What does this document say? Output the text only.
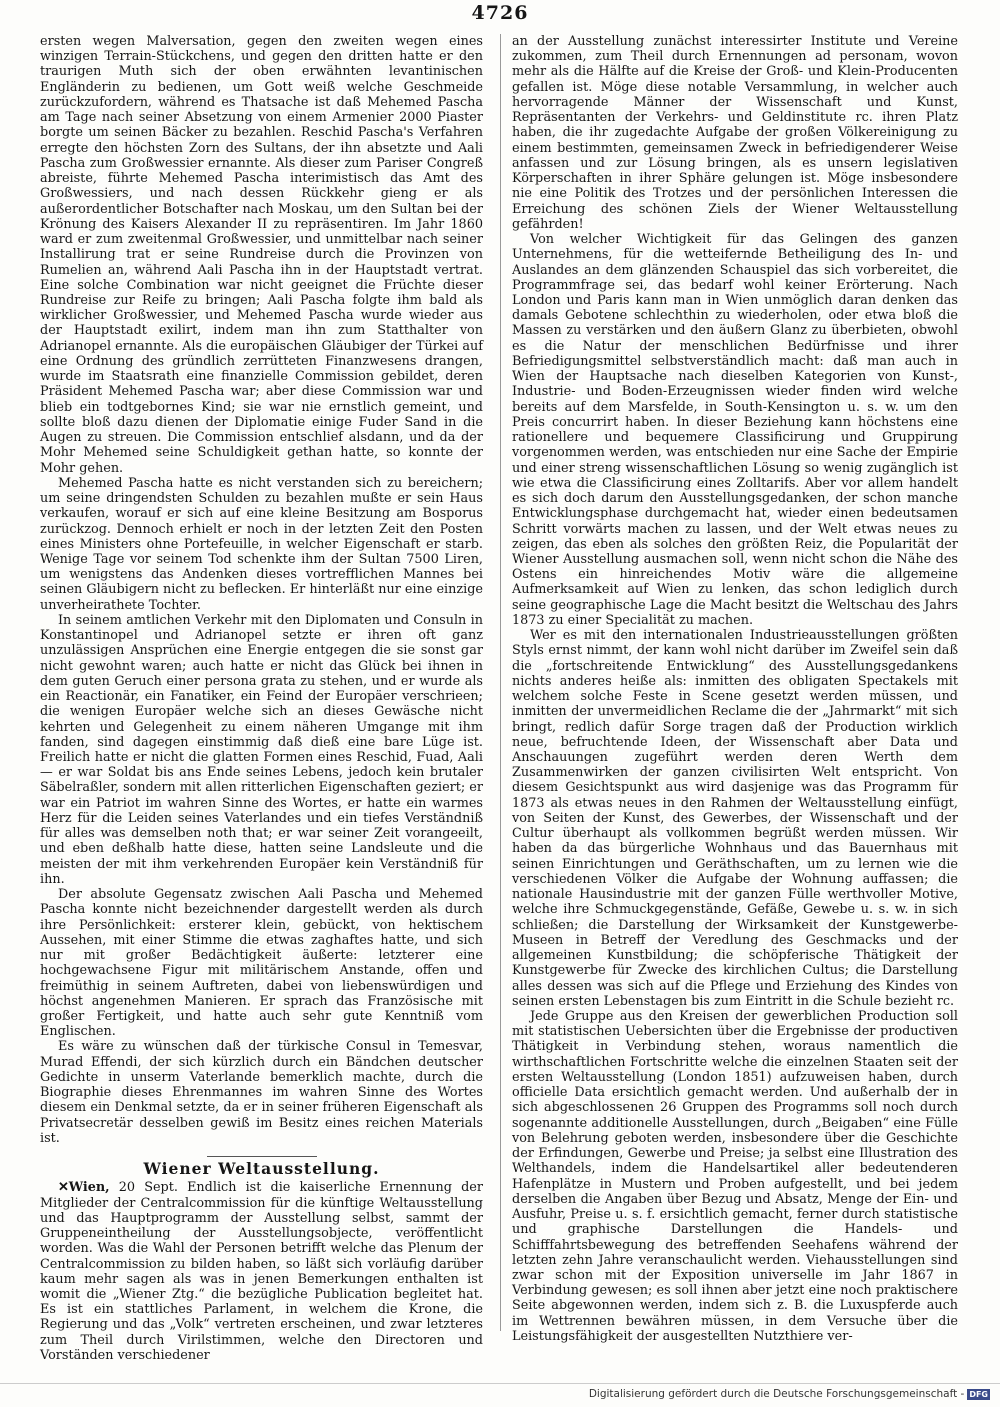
4726

ersten wegen Malversation, gegen den zweiten wegen eines winzigen Terrain-Stückchens, und gegen den dritten hatte er den traurigen Muth sich der oben erwähnten levantinischen Engländerin zu bedienen, um Gott weiß welche Geschmeide zurückzufordern, während es Thatsache ist daß Mehemed Pascha am Tage nach seiner Absetzung von einem Armenier 2000 Piaster borgte um seinen Bäcker zu bezahlen. Reschid Pascha's Verfahren erregte den höchsten Zorn des Sultans, der ihn absetzte und Aali Pascha zum Großwessier ernannte. Als dieser zum Pariser Congreß abreiste, führte Mehemed Pascha interimistisch das Amt des Großwessiers, und nach dessen Rückkehr gieng er als außerordentlicher Botschafter nach Moskau, um den Sultan bei der Krönung des Kaisers Alexander II zu repräsentiren. Im Jahr 1860 ward er zum zweitenmal Großwessier, und unmittelbar nach seiner Installirung trat er seine Rundreise durch die Provinzen von Rumelien an, während Aali Pascha ihn in der Hauptstadt vertrat. Eine solche Combination war nicht geeignet die Früchte dieser Rundreise zur Reife zu bringen; Aali Pascha folgte ihm bald als wirklicher Großwessier, und Mehemed Pascha wurde wieder aus der Hauptstadt exilirt, indem man ihn zum Statthalter von Adrianopel ernannte. Als die europäischen Gläubiger der Türkei auf eine Ordnung des gründlich zerrütteten Finanzwesens drangen, wurde im Staatsrath eine finanzielle Commission gebildet, deren Präsident Mehemed Pascha war; aber diese Commission war und blieb ein todtgebornes Kind; sie war nie ernstlich gemeint, und sollte bloß dazu dienen der Diplomatie einige Fuder Sand in die Augen zu streuen. Die Commission entschlief alsdann, und da der Mohr Mehemed seine Schuldigkeit gethan hatte, so konnte der Mohr gehen.

Mehemed Pascha hatte es nicht verstanden sich zu bereichern; um seine dringendsten Schulden zu bezahlen mußte er sein Haus verkaufen, worauf er sich auf eine kleine Besitzung am Bosporus zurückzog. Dennoch erhielt er noch in der letzten Zeit den Posten eines Ministers ohne Portefeuille, in welcher Eigenschaft er starb. Wenige Tage vor seinem Tod schenkte ihm der Sultan 7500 Liren, um wenigstens das Andenken dieses vortrefflichen Mannes bei seinen Gläubigern nicht zu beflecken. Er hinterläßt nur eine einzige unverheirathete Tochter.

In seinem amtlichen Verkehr mit den Diplomaten und Consuln in Konstantinopel und Adrianopel setzte er ihren oft ganz unzulässigen Ansprüchen eine Energie entgegen die sie sonst gar nicht gewohnt waren; auch hatte er nicht das Glück bei ihnen in dem guten Geruch einer persona grata zu stehen, und er wurde als ein Reactionär, ein Fanatiker, ein Feind der Europäer verschrieen; die wenigen Europäer welche sich an dieses Gewäsche nicht kehrten und Gelegenheit zu einem näheren Umgange mit ihm fanden, sind dagegen einstimmig daß dieß eine bare Lüge ist. Freilich hatte er nicht die glatten Formen eines Reschid, Fuad, Aali — er war Soldat bis ans Ende seines Lebens, jedoch kein brutaler Säbelraßler, sondern mit allen ritterlichen Eigenschaften geziert; er war ein Patriot im wahren Sinne des Wortes, er hatte ein warmes Herz für die Leiden seines Vaterlandes und ein tiefes Verständniß für alles was demselben noth that; er war seiner Zeit vorangeeilt, und eben deßhalb hatte diese, hatten seine Landsleute und die meisten der mit ihm verkehrenden Europäer kein Verständniß für ihn.

Der absolute Gegensatz zwischen Aali Pascha und Mehemed Pascha konnte nicht bezeichnender dargestellt werden als durch ihre Persönlichkeit: ersterer klein, gebückt, von hektischem Aussehen, mit einer Stimme die etwas zaghaftes hatte, und sich nur mit großer Bedächtigkeit äußerte: letzterer eine hochgewachsene Figur mit militärischem Anstande, offen und freimüthig in seinem Auftreten, dabei von liebenswürdigen und höchst angenehmen Manieren. Er sprach das Französische mit großer Fertigkeit, und hatte auch sehr gute Kenntniß vom Englischen.

Es wäre zu wünschen daß der türkische Consul in Temesvar, Murad Effendi, der sich kürzlich durch ein Bändchen deutscher Gedichte in unserm Vaterlande bemerklich machte, durch die Biographie dieses Ehrenmannes im wahren Sinne des Wortes diesem ein Denkmal setzte, da er in seiner früheren Eigenschaft als Privatsecretär desselben gewiß im Besitz eines reichen Materials ist.

Wiener Weltausstellung.

✕Wien, 20 Sept. Endlich ist die kaiserliche Ernennung der Mitglieder der Centralcommission für die künftige Weltausstellung und das Hauptprogramm der Ausstellung selbst, sammt der Gruppeneintheilung der Ausstellungsobjecte, veröffentlicht worden. Was die Wahl der Personen betrifft welche das Plenum der Centralcommission zu bilden haben, so läßt sich vorläufig darüber kaum mehr sagen als was in jenen Bemerkungen enthalten ist womit die „Wiener Ztg.“ die bezügliche Publication begleitet hat. Es ist ein stattliches Parlament, in welchem die Krone, die Regierung und das „Volk“ vertreten erscheinen, und zwar letzteres zum Theil durch Virilstimmen, welche den Directoren und Vorständen verschiedener

an der Ausstellung zunächst interessirter Institute und Vereine zukommen, zum Theil durch Ernennungen ad personam, wovon mehr als die Hälfte auf die Kreise der Groß- und Klein-Producenten gefallen ist. Möge diese notable Versammlung, in welcher auch hervorragende Männer der Wissenschaft und Kunst, Repräsentanten der Verkehrs- und Geldinstitute rc. ihren Platz haben, die ihr zugedachte Aufgabe der großen Völkereinigung zu einem bestimmten, gemeinsamen Zweck in befriedigenderer Weise anfassen und zur Lösung bringen, als es unsern legislativen Körperschaften in ihrer Sphäre gelungen ist. Möge insbesondere nie eine Politik des Trotzes und der persönlichen Interessen die Erreichung des schönen Ziels der Wiener Weltausstellung gefährden!

Von welcher Wichtigkeit für das Gelingen des ganzen Unternehmens, für die wetteifernde Betheiligung des In- und Auslandes an dem glänzenden Schauspiel das sich vorbereitet, die Programmfrage sei, das bedarf wohl keiner Erörterung. Nach London und Paris kann man in Wien unmöglich daran denken das damals Gebotene schlechthin zu wiederholen, oder etwa bloß die Massen zu verstärken und den äußern Glanz zu überbieten, obwohl es die Natur der menschlichen Bedürfnisse und ihrer Befriedigungsmittel selbstverständlich macht: daß man auch in Wien der Hauptsache nach dieselben Kategorien von Kunst-, Industrie- und Boden-Erzeugnissen wieder finden wird welche bereits auf dem Marsfelde, in South-Kensington u. s. w. um den Preis concurrirt haben. In dieser Beziehung kann höchstens eine rationellere und bequemere Classificirung und Gruppirung vorgenommen werden, was entschieden nur eine Sache der Empirie und einer streng wissenschaftlichen Lösung so wenig zugänglich ist wie etwa die Classificirung eines Zolltarifs. Aber vor allem handelt es sich doch darum den Ausstellungsgedanken, der schon manche Entwicklungsphase durchgemacht hat, wieder einen bedeutsamen Schritt vorwärts machen zu lassen, und der Welt etwas neues zu zeigen, das eben als solches den größten Reiz, die Popularität der Wiener Ausstellung ausmachen soll, wenn nicht schon die Nähe des Ostens ein hinreichendes Motiv wäre die allgemeine Aufmerksamkeit auf Wien zu lenken, das schon lediglich durch seine geographische Lage die Macht besitzt die Weltschau des Jahrs 1873 zu einer Specialität zu machen.

Wer es mit den internationalen Industrieausstellungen größten Styls ernst nimmt, der kann wohl nicht darüber im Zweifel sein daß die „fortschreitende Entwicklung“ des Ausstellungsgedankens nichts anderes heiße als: inmitten des obligaten Spectakels mit welchem solche Feste in Scene gesetzt werden müssen, und inmitten der unvermeidlichen Reclame die der „Jahrmarkt“ mit sich bringt, redlich dafür Sorge tragen daß der Production wirklich neue, befruchtende Ideen, der Wissenschaft aber Data und Anschauungen zugeführt werden deren Werth dem Zusammenwirken der ganzen civilisirten Welt entspricht. Von diesem Gesichtspunkt aus wird dasjenige was das Programm für 1873 als etwas neues in den Rahmen der Weltausstellung einfügt, von Seiten der Kunst, des Gewerbes, der Wissenschaft und der Cultur überhaupt als vollkommen begrüßt werden müssen. Wir haben da das bürgerliche Wohnhaus und das Bauernhaus mit seinen Einrichtungen und Geräthschaften, um zu lernen wie die verschiedenen Völker die Aufgabe der Wohnung auffassen; die nationale Hausindustrie mit der ganzen Fülle werthvoller Motive, welche ihre Schmuckgegenstände, Gefäße, Gewebe u. s. w. in sich schließen; die Darstellung der Wirksamkeit der Kunstgewerbe-Museen in Betreff der Veredlung des Geschmacks und der allgemeinen Kunstbildung; die schöpferische Thätigkeit der Kunstgewerbe für Zwecke des kirchlichen Cultus; die Darstellung alles dessen was sich auf die Pflege und Erziehung des Kindes von seinen ersten Lebenstagen bis zum Eintritt in die Schule bezieht rc.

Jede Gruppe aus den Kreisen der gewerblichen Production soll mit statistischen Uebersichten über die Ergebnisse der productiven Thätigkeit in Verbindung stehen, woraus namentlich die wirthschaftlichen Fortschritte welche die einzelnen Staaten seit der ersten Weltausstellung (London 1851) aufzuweisen haben, durch officielle Data ersichtlich gemacht werden. Und außerhalb der in sich abgeschlossenen 26 Gruppen des Programms soll noch durch sogenannte additionelle Ausstellungen, durch „Beigaben“ eine Fülle von Belehrung geboten werden, insbesondere über die Geschichte der Erfindungen, Gewerbe und Preise; ja selbst eine Illustration des Welthandels, indem die Handelsartikel aller bedeutenderen Hafenplätze in Mustern und Proben aufgestellt, und bei jedem derselben die Angaben über Bezug und Absatz, Menge der Ein- und Ausfuhr, Preise u. s. f. ersichtlich gemacht, ferner durch statistische und graphische Darstellungen die Handels- und Schifffahrtsbewegung des betreffenden Seehafens während der letzten zehn Jahre veranschaulicht werden. Viehausstellungen sind zwar schon mit der Exposition universelle im Jahr 1867 in Verbindung gewesen; es soll ihnen aber jetzt eine noch praktischere Seite abgewonnen werden, indem sich z. B. die Luxuspferde auch im Wettrennen bewähren müssen, in dem Versuche über die Leistungsfähigkeit der ausgestellten Nutzthiere ver-

Digitalisierung gefördert durch die Deutsche Forschungsgemeinschaft - DFG
